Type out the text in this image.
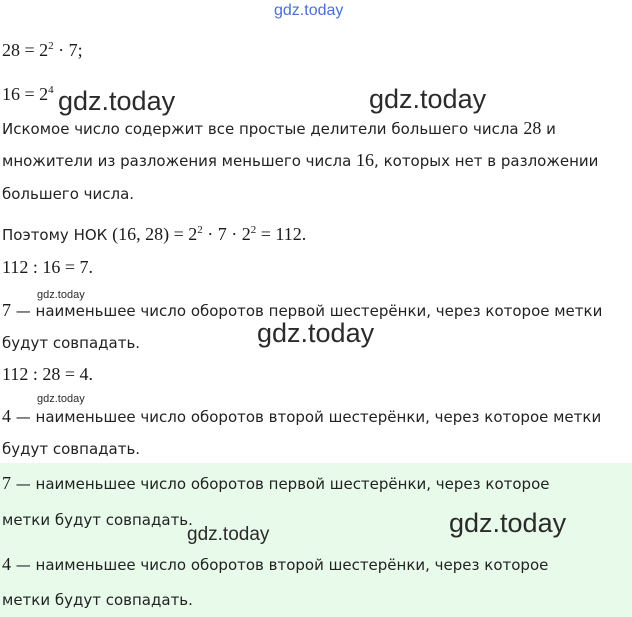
gdz.today
$28 = 2^2 \cdot 7$;
$16 = 2^4$ gdz.today	gdz.today
Искомое число содержит все простые делители большего числа 28 и
множители из разложения меньшего числа 16, которых нет в разложении
большего числа.
Поэтому НОК (16, $28) = 2^2 \cdot 7 \cdot 2^2 = 112$.
112 : 16 = 7.
gdz.today
7 — наименьшее число оборотов первой шестерёнки, через которое метки
gdz.today
будут совпадать.
112 : 28 = 4.
gdz.today
4 — наименьшее число оборотов второй шестерёнки, через которое метки
будут совпадать.
7 — наименьшее число оборотов первой шестерёнки, через которое
метки будут совпадать.
gdz.today	gdz.today
4 — наименьшее число оборотов второй шестерёнки, через которое
метки будут совпадать.
